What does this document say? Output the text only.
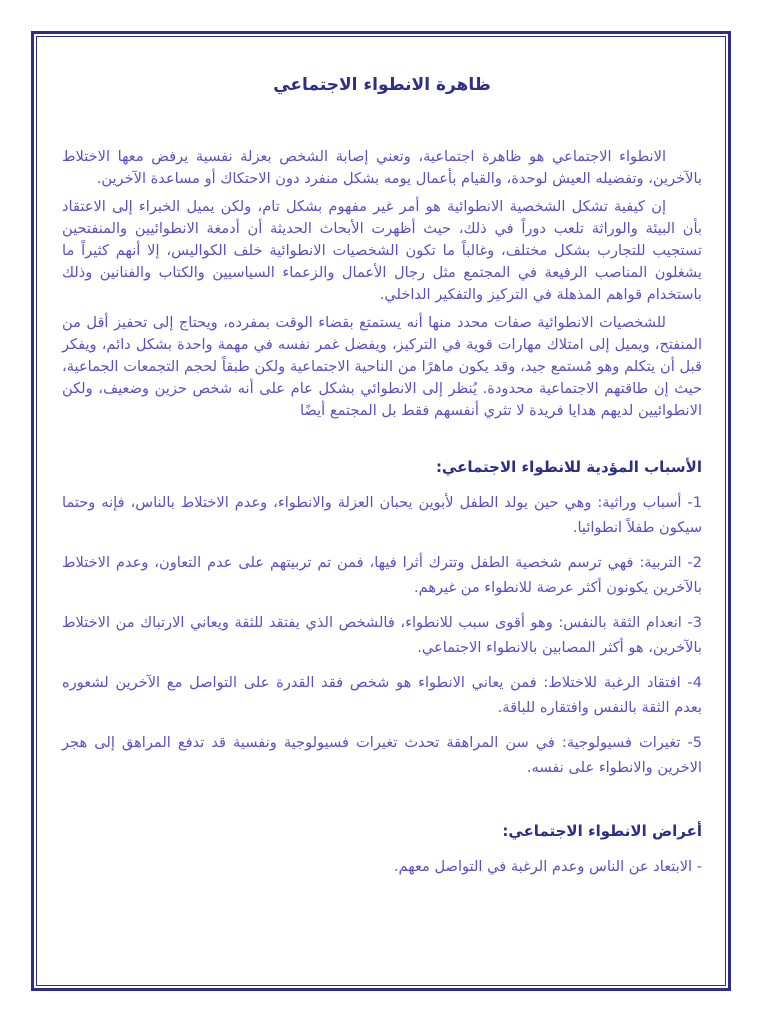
ظاهرة الانطواء الاجتماعي

الانطواء الاجتماعي هو ظاهرة اجتماعية، وتعني إصابة الشخص بعزلة نفسية يرفض معها الاختلاط بالآخرين، وتفضيله العيش لوحدة، والقيام بأعمال يومه بشكل منفرد دون الاحتكاك أو مساعدة الآخرين.

إن كيفية تشكل الشخصية الانطوائية هو أمر غير مفهوم بشكل تام، ولكن يميل الخبراء إلى الاعتقاد بأن البيئة والوراثة تلعب دوراً في ذلك، حيث أظهرت الأبحاث الحديثة أن أدمغة الانطوائيين والمنفتحين تستجيب للتجارب بشكل مختلف، وغالباً ما تكون الشخصيات الانطوائية خلف الكواليس، إلا أنهم كثيراً ما يشغلون المناصب الرفيعة في المجتمع مثل رجال الأعمال والزعماء السياسيين والكتاب والفنانين وذلك باستخدام قواهم المذهلة في التركيز والتفكير الداخلي.

للشخصيات الانطوائية صفات محدد منها أنه يستمتع بقضاء الوقت بمفرده، ويحتاج إلى تحفيز أقل من المنفتح، ويميل إلى امتلاك مهارات قوية في التركيز، ويفضل غمر نفسه في مهمة واحدة بشكل دائم، ويفكر قبل أن يتكلم وهو مُستمع جيد، وقد يكون ماهرًا من الناحية الاجتماعية ولكن طبقاً لحجم التجمعات الجماعية، حيث إن طاقتهم الاجتماعية محدودة. يُنظر إلى الانطوائي بشكل عام على أنه شخص حزين وضعيف، ولكن الانطوائيين لديهم هدايا فريدة لا تثري أنفسهم فقط بل المجتمع أيضًا

الأسباب المؤدية للانطواء الاجتماعي:

1- أسباب وراثية: وهي حين يولد الطفل لأبوين يحبان العزلة والانطواء، وعدم الاختلاط بالناس، فإنه وحتما سيكون طفلاً انطوائيا.

2- التربية: فهي ترسم شخصية الطفل وتترك أثرا فيها، فمن تم تربيتهم على عدم التعاون، وعدم الاختلاط بالآخرين يكونون أكثر عرضة للانطواء من غيرهم.

3- انعدام الثقة بالنفس: وهو أقوى سبب للانطواء، فالشخص الذي يفتقد للثقة ويعاني الارتباك من الاختلاط بالآخرين، هو أكثر المصابين بالانطواء الاجتماعي.

4- افتقاد الرغبة للاختلاط: فمن يعاني الانطواء هو شخص فقد القدرة على التواصل مع الآخرين لشعوره بعدم الثقة بالنفس وافتقاره للباقة.

5- تغيرات فسيولوجية: في سن المراهقة تحدث تغيرات فسيولوجية ونفسية قد تدفع المراهق إلى هجر الاخرين والانطواء على نفسه.

أعراض الانطواء الاجتماعي:

- الابتعاد عن الناس وعدم الرغبة في التواصل معهم.
